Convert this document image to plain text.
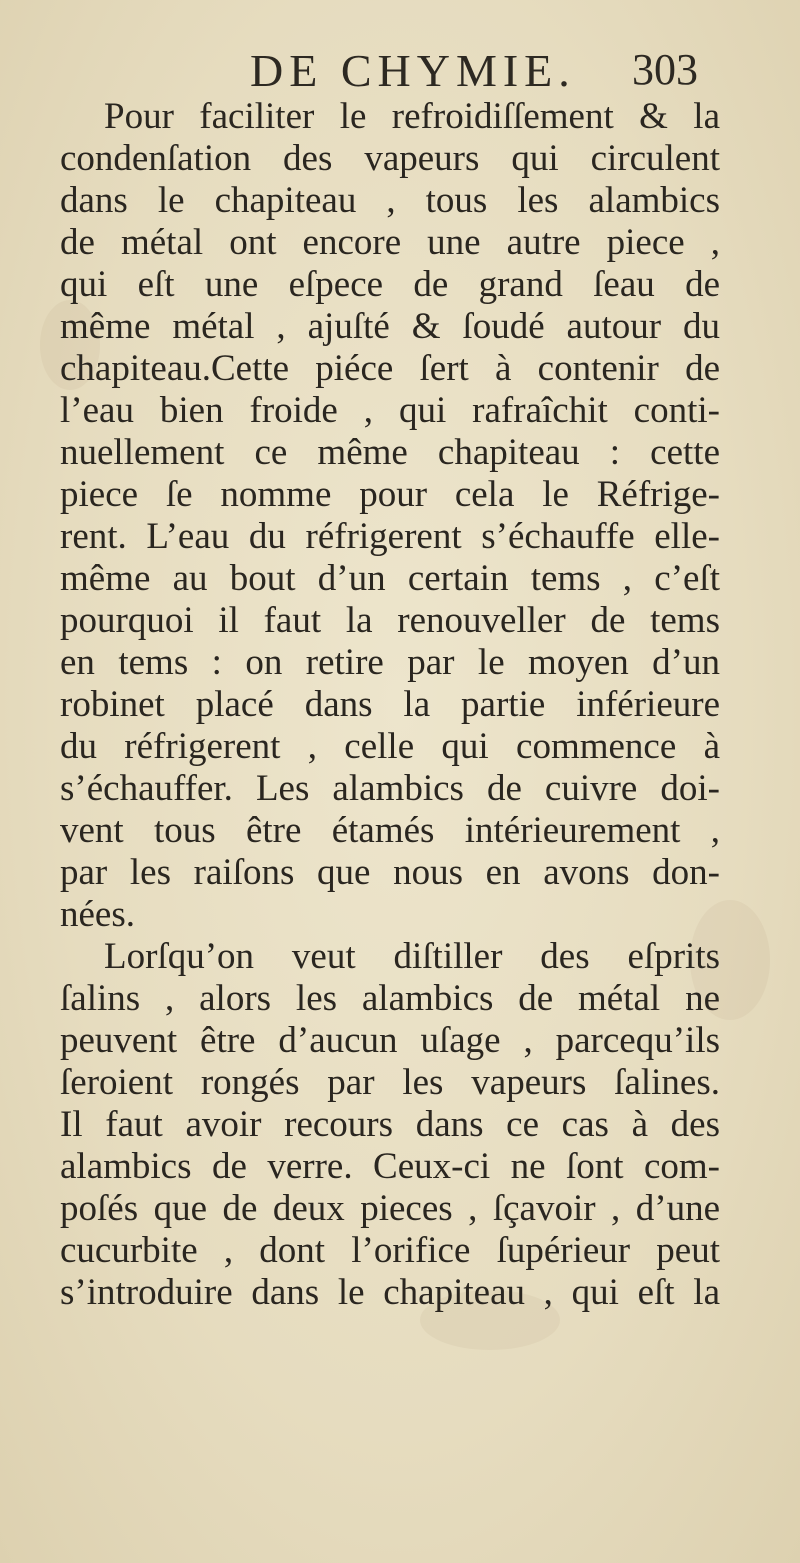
DE CHYMIE. 303
Pour faciliter le refroidiſſement & la
condenſation des vapeurs qui circulent
dans le chapiteau , tous les alambics
de métal ont encore une autre piece ,
qui eſt une eſpece de grand ſeau de
même métal , ajuſté & ſoudé autour du
chapiteau.Cette piéce ſert à contenir de
l’eau bien froide , qui rafraîchit conti-
nuellement ce même chapiteau : cette
piece ſe nomme pour cela le Réfrige-
rent. L’eau du réfrigerent s’échauffe elle-
même au bout d’un certain tems , c’eſt
pourquoi il faut la renouveller de tems
en tems : on retire par le moyen d’un
robinet placé dans la partie inférieure
du réfrigerent , celle qui commence à
s’échauffer. Les alambics de cuivre doi-
vent tous être étamés intérieurement ,
par les raiſons que nous en avons don-
nées.
Lorſqu’on veut diſtiller des eſprits
ſalins , alors les alambics de métal ne
peuvent être d’aucun uſage , parcequ’ils
ſeroient rongés par les vapeurs ſalines.
Il faut avoir recours dans ce cas à des
alambics de verre. Ceux-ci ne ſont com-
poſés que de deux pieces , ſçavoir , d’une
cucurbite , dont l’orifice ſupérieur peut
s’introduire dans le chapiteau , qui eſt la
